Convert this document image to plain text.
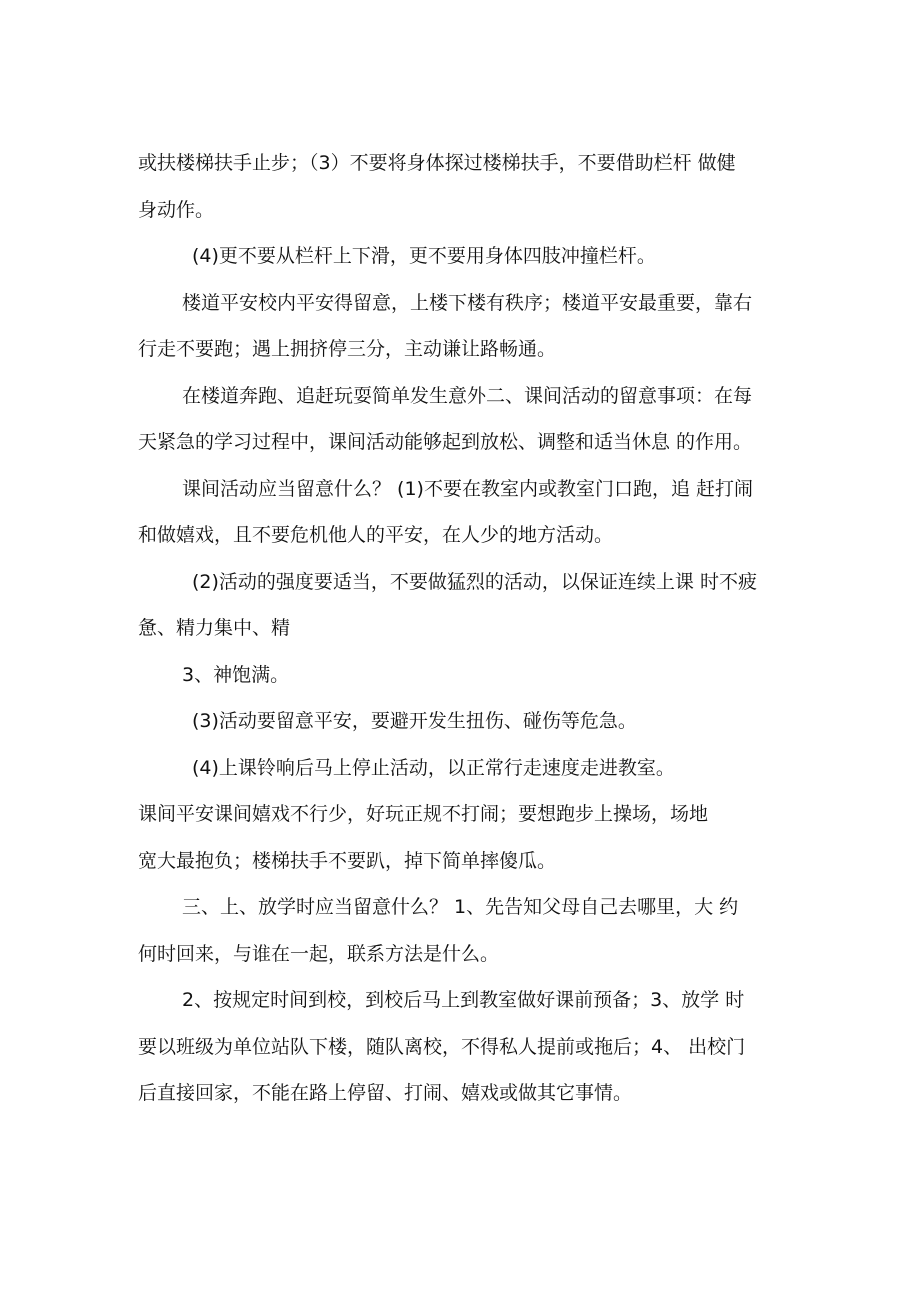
或扶楼梯扶手止步；（3）不要将身体探过楼梯扶手，不要借助栏杆 做健
身动作。

(4)更不要从栏杆上下滑，更不要用身体四肢冲撞栏杆。

楼道平安校内平安得留意，上楼下楼有秩序；楼道平安最重要，靠右
行走不要跑；遇上拥挤停三分，主动谦让路畅通。

在楼道奔跑、追赶玩耍简单发生意外二、课间活动的留意事项：在每
天紧急的学习过程中，课间活动能够起到放松、调整和适当休息 的作用。

课间活动应当留意什么？ (1)不要在教室内或教室门口跑，追 赶打闹
和做嬉戏，且不要危机他人的平安，在人少的地方活动。

(2)活动的强度要适当，不要做猛烈的活动，以保证连续上课 时不疲
惫、精力集中、精

3、神饱满。

(3)活动要留意平安，要避开发生扭伤、碰伤等危急。

(4)上课铃响后马上停止活动，以正常行走速度走进教室。

课间平安课间嬉戏不行少，好玩正规不打闹；要想跑步上操场，场地
宽大最抱负；楼梯扶手不要趴，掉下简单摔傻瓜。

三、上、放学时应当留意什么？ 1、先告知父母自己去哪里，大 约
何时回来，与谁在一起，联系方法是什么。

2、按规定时间到校，到校后马上到教室做好课前预备；3、放学 时
要以班级为单位站队下楼，随队离校，不得私人提前或拖后；4、 出校门
后直接回家，不能在路上停留、打闹、嬉戏或做其它事情。
